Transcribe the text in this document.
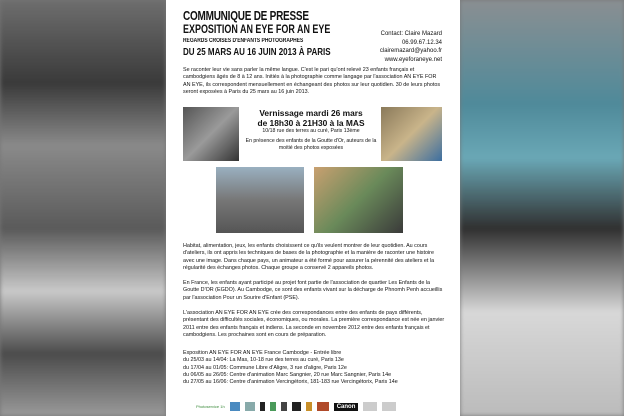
COMMUNIQUE DE PRESSE
EXPOSITION AN EYE FOR AN EYE
REGARDS CROISES D'ENFANTS PHOTOGRAPHES
DU 25 MARS AU 16 JUIN 2013 À PARIS
Contact: Claire Mazard
06.99.67.12.34
clairemazard@yahoo.fr
www.eyeforaneye.net
Se raconter leur vie sans parler la même langue. C'est le pari qu'ont relevé 23 enfants français et cambodgiens âgés de 8 à 12 ans. Initiés à la photographie comme langage par l'association AN EYE FOR AN EYE, ils correspondent mensuellement en échangeant des photos sur leur quotidien. 30 de leurs photos seront exposées à Paris du 25 mars au 16 juin 2013.
Vernissage mardi 26 mars
de 18h30 à 21H30 à la MAS
10/18 rue des terres au curé, Paris 13ème
En présence des enfants de la Goutte d'Or, auteurs de la moitié des photos exposées
Habitat, alimentation, jeux, les enfants choisissent ce qu'ils veulent montrer de leur quotidien. Au cours d'ateliers, ils ont appris les techniques de bases de la photographie et la manière de raconter une histoire avec une image. Dans chaque pays, un animateur a été formé pour assurer la pérennité des ateliers et la régularité des échanges photos. Chaque groupe a conservé 2 appareils photos.
En France, les enfants ayant participé au projet font partie de l'association de quartier Les Enfants de la Goutte D'OR (EGDO). Au Cambodge, ce sont des enfants vivant sur la décharge de Phnomh Penh accueillis par l'association Pour un Sourire d'Enfant (PSE).
L'association AN EYE FOR AN EYE crée des correspondances entre des enfants de pays différents, présentant des difficultés sociales, économiques, ou morales. La première correspondance est née en janvier 2011 entre des enfants français et indiens. La seconde en novembre 2012 entre des enfants français et cambodgiens. Les prochaines sont en cours de préparation.
Exposition AN EYE FOR AN EYE France Cambodge - Entrée libre
du 25/03 au 14/04: La Mas, 10-18 rue des terres au curé, Paris 13e
du 17/04 au 01/05: Commune Libre d'Aligre, 3 rue d'aligre, Paris 12e
du 06/05 au 26/05: Centre d'animation Marc Sangnier, 20 rue Marc Sangnier, Paris 14e
du 27/05 au 16/06: Centre d'animation Vercingétorix, 181-183 rue Vercingétorix, Paris 14e
Photoservice 1h	Canon
